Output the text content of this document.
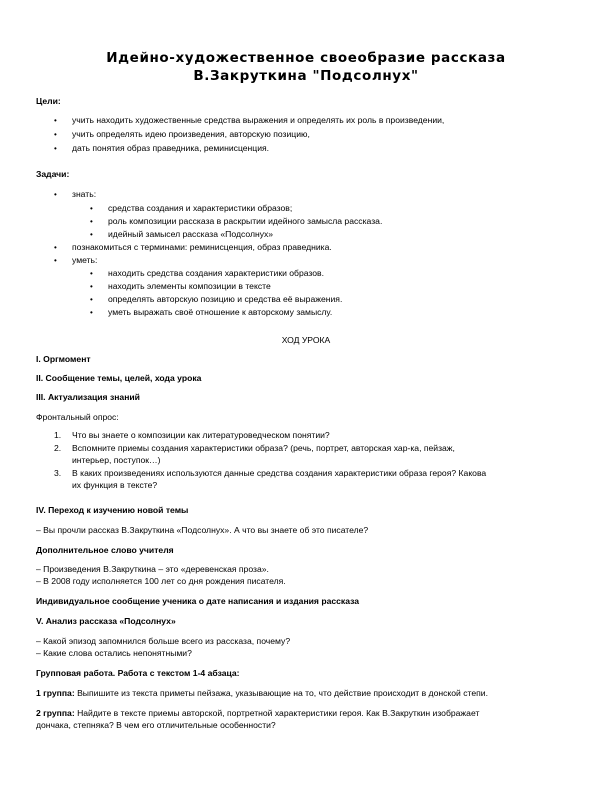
Идейно-художественное своеобразие рассказа
В.Закруткина "Подсолнух"
Цели:
• учить находить художественные средства выражения и определять их роль в произведении,
• учить определять идею произведения, авторскую позицию,
• дать понятия образ праведника, реминисценция.
Задачи:
• знать:
• средства создания и характеристики образов;
• роль композиции рассказа в раскрытии идейного замысла рассказа.
• идейный замысел рассказа «Подсолнух»
• познакомиться с терминами: реминисценция, образ праведника.
• уметь:
• находить средства создания характеристики образов.
• находить элементы композиции в тексте
• определять авторскую позицию и средства её выражения.
• уметь выражать своё отношение к авторскому замыслу.
ХОД УРОКА
I. Оргмомент
II. Сообщение темы, целей, хода урока
III. Актуализация знаний
Фронтальный опрос:
1. Что вы знаете о композиции как литературоведческом понятии?
2. Вспомните приемы создания характеристики образа? (речь, портрет, авторская хар-ка, пейзаж,
интерьер, поступок…)
3. В каких произведениях используются данные средства создания характеристики образа героя? Какова
их функция в тексте?
IV. Переход к изучению новой темы
– Вы прочли рассказ В.Закруткина «Подсолнух». А что вы знаете об это писателе?
Дополнительное слово учителя
– Произведения В.Закруткина – это «деревенская проза».
– В 2008 году исполняется 100 лет со дня рождения писателя.
Индивидуальное сообщение ученика о дате написания и издания рассказа
V. Анализ рассказа «Подсолнух»
– Какой эпизод запомнился больше всего из рассказа, почему?
– Какие слова остались непонятными?
Групповая работа. Работа с текстом 1-4 абзаца:
1 группа: Выпишите из текста приметы пейзажа, указывающие на то, что действие происходит в донской степи.
2 группа: Найдите в тексте приемы авторской, портретной характеристики героя. Как В.Закруткин изображает
дончака, степняка? В чем его отличительные особенности?
